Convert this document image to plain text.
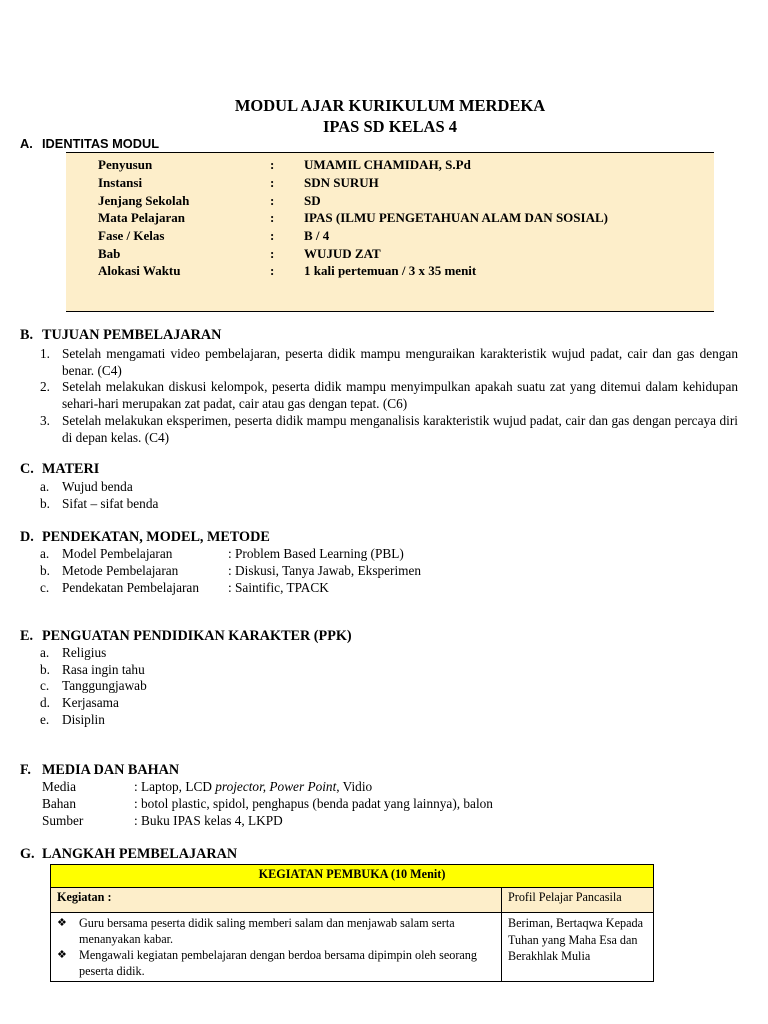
MODUL AJAR KURIKULUM MERDEKA
IPAS SD KELAS 4
A. IDENTITAS MODUL
Penyusun	: UMAMIL CHAMIDAH, S.Pd
Instansi	: SDN SURUH
Jenjang Sekolah	: SD
Mata Pelajaran	: IPAS (ILMU PENGETAHUAN ALAM DAN SOSIAL)
Fase / Kelas	: B / 4
Bab	: WUJUD ZAT
Alokasi Waktu	: 1 kali pertemuan / 3 x 35 menit
B. TUJUAN PEMBELAJARAN
1. Setelah mengamati video pembelajaran, peserta didik mampu menguraikan karakteristik wujud padat, cair dan gas dengan benar. (C4)
2. Setelah melakukan diskusi kelompok, peserta didik mampu menyimpulkan apakah suatu zat yang ditemui dalam kehidupan sehari-hari merupakan zat padat, cair atau gas dengan tepat. (C6)
3. Setelah melakukan eksperimen, peserta didik mampu menganalisis karakteristik wujud padat, cair dan gas dengan percaya diri di depan kelas. (C4)
C. MATERI
a. Wujud benda
b. Sifat – sifat benda
D. PENDEKATAN, MODEL, METODE
a. Model Pembelajaran	: Problem Based Learning (PBL)
b. Metode Pembelajaran	: Diskusi, Tanya Jawab, Eksperimen
c. Pendekatan Pembelajaran : Saintific, TPACK
E. PENGUATAN PENDIDIKAN KARAKTER (PPK)
a. Religius
b. Rasa ingin tahu
c. Tanggungjawab
d. Kerjasama
e. Disiplin
F. MEDIA DAN BAHAN
Media	: Laptop, LCD projector, Power Point, Vidio
Bahan	: botol plastic, spidol, penghapus (benda padat yang lainnya), balon
Sumber	: Buku IPAS kelas 4, LKPD
G. LANGKAH PEMBELAJARAN
KEGIATAN PEMBUKA (10 Menit)	
Kegiatan :	Profil Pelajar Pancasila

❖ Guru bersama peserta didik saling memberi salam dan menjawab salam serta menanyakan kabar.
❖ Mengawali kegiatan pembelajaran dengan berdoa bersama dipimpin oleh seorang peserta didik.	Beriman, Bertaqwa Kepada Tuhan yang Maha Esa dan Berakhlak Mulia
